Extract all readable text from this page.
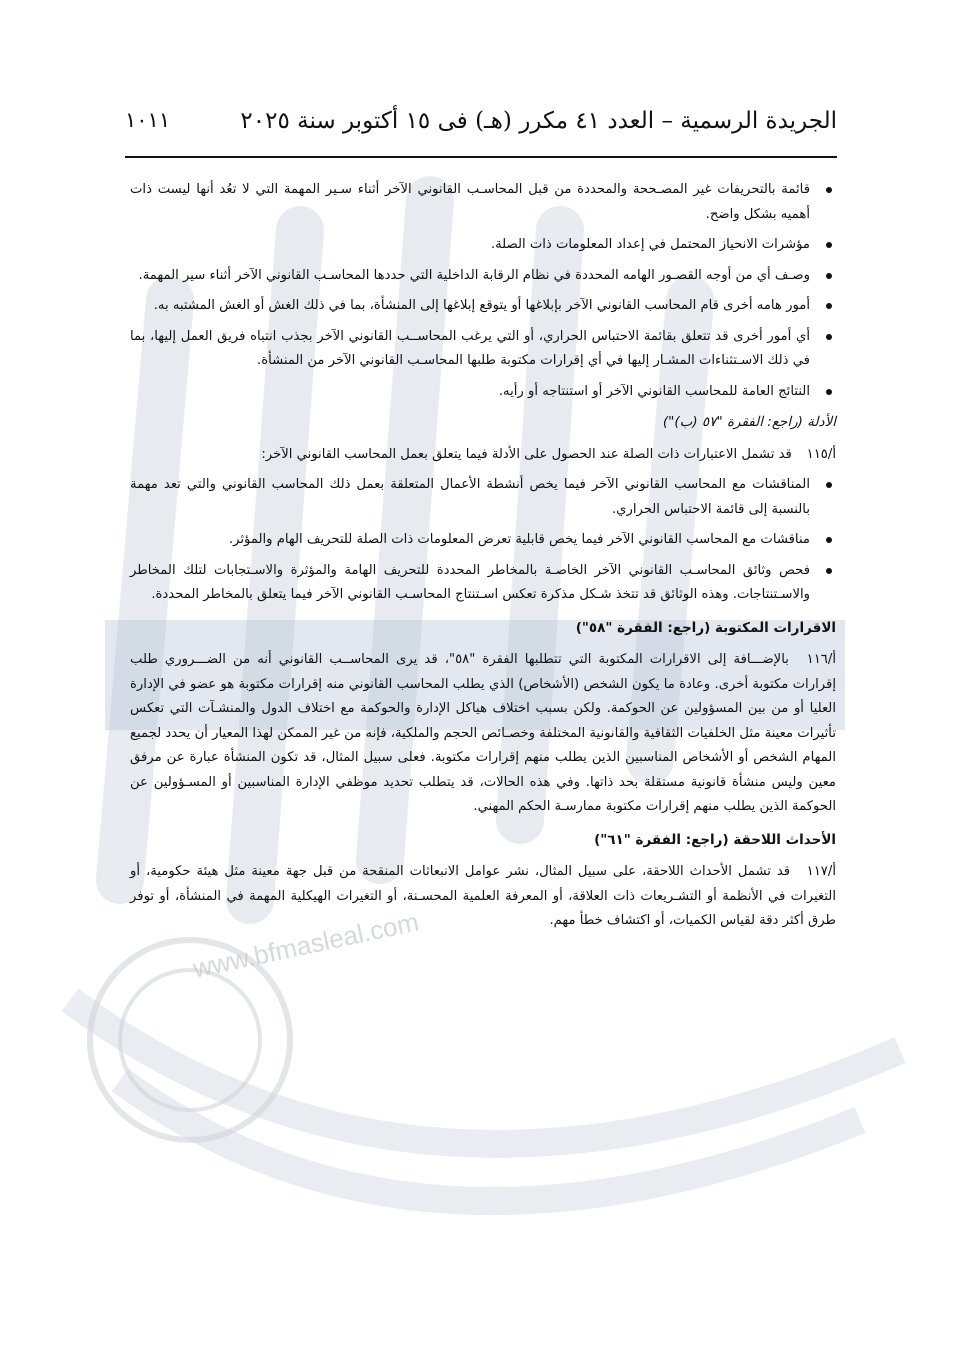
www.bfmasleal.com
الجريدة الرسمية – العدد ٤١ مكرر (هـ) فى ١٥ أكتوبر سنة ٢٠٢٥
١٠١١
قائمة بالتحريفات غير المصـححة والمحددة من قبل المحاسـب القانوني الآخر أثناء سـير المهمة التي لا تعُد أنها ليست ذات أهميه بشكل واضح.
مؤشرات الانحياز المحتمل في إعداد المعلومات ذات الصلة.
وصـف أي من أوجه القصـور الهامه المحددة في نظام الرقابة الداخلية التي حددها المحاسـب القانوني الآخر أثناء سير المهمة.
أمور هامه أخرى قام المحاسب القانوني الآخر بإبلاغها أو يتوقع إبلاغها إلى المنشأة، بما في ذلك الغش أو الغش المشتبه به.
أي أمور أخرى قد تتعلق بقائمة الاحتباس الحراري، أو التي يرغب المحاســب القانوني الآخر بجذب انتباه فريق العمل إليها، بما في ذلك الاسـتثناءات المشـار إليها في أي إقرارات مكتوبة طلبها المحاسـب القانوني الآخر من المنشأة.
النتائج العامة للمحاسب القانوني الآخر أو استنتاجه أو رأيه.
الأدلة (راجع: الفقرة "٥٧ (ب)")
أ/١١٥ قد تشمل الاعتبارات ذات الصلة عند الحصول على الأدلة فيما يتعلق بعمل المحاسب القانوني الآخر:
المناقشات مع المحاسب القانوني الآخر فيما يخص أنشطة الأعمال المتعلقة بعمل ذلك المحاسب القانوني والتي تعد مهمة بالنسبة إلى قائمة الاحتباس الحراري.
مناقشات مع المحاسب القانوني الآخر فيما يخص قابلية تعرض المعلومات ذات الصلة للتحريف الهام والمؤثر.
فحص وثائق المحاسـب القانوني الآخر الخاصـة بالمخاطر المحددة للتحريف الهامة والمؤثرة والاسـتجابات لتلك المخاطر والاسـتنتاجات. وهذه الوثائق قد تتخذ شـكل مذكرة تعكس اسـتنتاج المحاسـب القانوني الآخر فيما يتعلق بالمخاطر المحددة.
الاقرارات المكتوبة (راجع: الفقرة "٥٨")
أ/١١٦ بالإضـــافة إلى الاقرارات المكتوبة التي تتطلبها الفقرة "٥٨"، قد يرى المحاســب القانوني أنه من الضـــروري طلب إقرارات مكتوبة أخرى. وعادة ما يكون الشخص (الأشخاص) الذي يطلب المحاسب القانوني منه إقرارات مكتوبة هو عضو في الإدارة العليا أو من بين المسؤولين عن الحوكمة. ولكن بسبب اختلاف هياكل الإدارة والحوكمة مع اختلاف الدول والمنشـآت التي تعكس تأثيرات معينة مثل الخلفيات الثقافية والقانونية المختلفة وخصـائص الحجم والملكية، فإنه من غير الممكن لهذا المعيار أن يحدد لجميع المهام الشخص أو الأشخاص المناسبين الذين يطلب منهم إقرارات مكتوبة. فعلى سبيل المثال، قد تكون المنشأة عبارة عن مرفق معين وليس منشأة قانونية مستقلة بحد ذاتها. وفي هذه الحالات، قد يتطلب تحديد موظفي الإدارة المناسبين أو المسـؤولين عن الحوكمة الذين يطلب منهم إقرارات مكتوبة ممارسـة الحكم المهني.
الأحداث اللاحقة (راجع: الفقرة "٦١")
أ/١١٧ قد تشمل الأحداث اللاحقة، على سبيل المثال، نشر عوامل الانبعاثات المنقحة من قبل جهة معينة مثل هيئة حكومية، أو التغيرات في الأنظمة أو التشـريعات ذات العلاقة، أو المعرفة العلمية المحسـنة، أو التغيرات الهيكلية المهمة في المنشأة، أو توفر طرق أكثر دقة لقياس الكميات، أو اكتشاف خطأ مهم.
